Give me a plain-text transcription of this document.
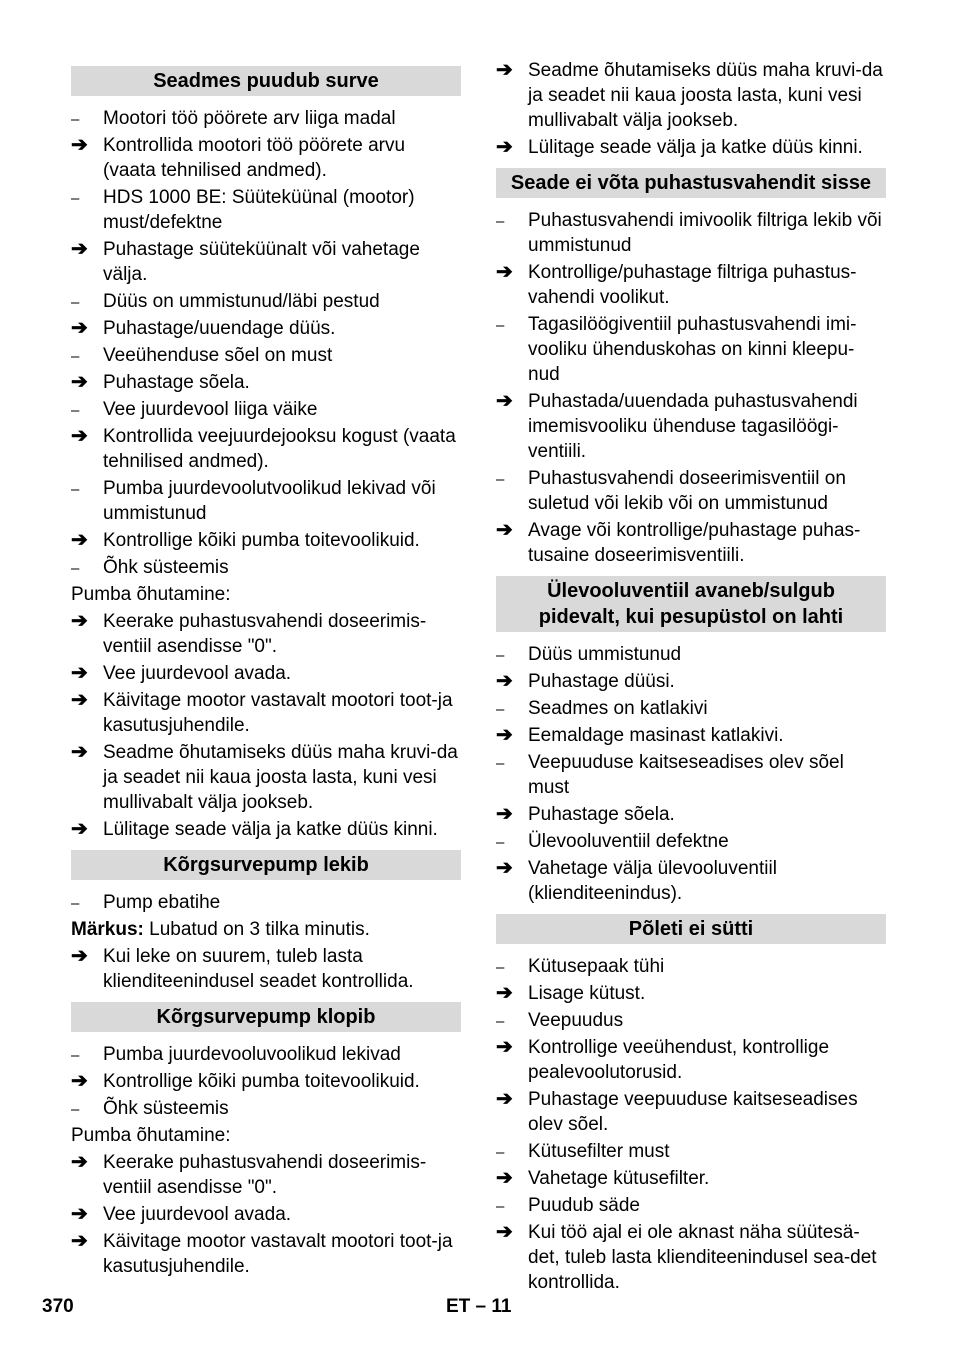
Seadmes puudub surve
–	Mootori töö pöörete arv liiga madal
➔ Kontrollida mootori töö pöörete arvu (vaata tehnilised andmed).
–	HDS 1000 BE: Süüteküünal (mootor) must/defektne
➔ Puhastage süüteküünalt või vahetage välja.
–	Düüs on ummistunud/läbi pestud
➔ Puhastage/uuendage düüs.
–	Veeühenduse sõel on must
➔ Puhastage sõela.
–	Vee juurdevool liiga väike
➔ Kontrollida veejuurdejooksu kogust (vaata tehnilised andmed).
–	Pumba juurdevoolutvoolikud lekivad või ummistunud
➔ Kontrollige kõiki pumba toitevoolikuid.
–	Õhk süsteemis
Pumba õhutamine:
➔ Keerake puhastusvahendi doseerimis-ventiil asendisse "0".
➔ Vee juurdevool avada.
➔ Käivitage mootor vastavalt mootori toot-ja kasutusjuhendile.
➔ Seadme õhutamiseks düüs maha kruvi-da ja seadet nii kaua joosta lasta, kuni vesi mullivabalt välja jookseb.
➔ Lülitage seade välja ja katke düüs kinni.
Kõrgsurvepump lekib
–	Pump ebatihe
Märkus: Lubatud on 3 tilka minutis.
➔ Kui leke on suurem, tuleb lasta klienditeenindusel seadet kontrollida.
Kõrgsurvepump klopib
–	Pumba juurdevooluvoolikud lekivad
➔ Kontrollige kõiki pumba toitevoolikuid.
–	Õhk süsteemis
Pumba õhutamine:
➔ Keerake puhastusvahendi doseerimis-ventiil asendisse "0".
➔ Vee juurdevool avada.
➔ Käivitage mootor vastavalt mootori toot-ja kasutusjuhendile.
➔ Seadme õhutamiseks düüs maha kruvi-da ja seadet nii kaua joosta lasta, kuni vesi mullivabalt välja jookseb.
➔ Lülitage seade välja ja katke düüs kinni.
Seade ei võta puhastusvahendit sisse
–	Puhastusvahendi imivoolik filtriga lekib või ummistunud
➔ Kontrollige/puhastage filtriga puhastus-vahendi voolikut.
–	Tagasilöögiventiil puhastusvahendi imi-vooliku ühenduskohas on kinni kleepu-nud
➔ Puhastada/uuendada puhastusvahendi imemisvooliku ühenduse tagasilöögi-ventiili.
–	Puhastusvahendi doseerimisventiil on suletud või lekib või on ummistunud
➔ Avage või kontrollige/puhastage puhas-tusaine doseerimisventiili.
Ülevooluventiil avaneb/sulgub pidevalt, kui pesupüstol on lahti
–	Düüs ummistunud
➔ Puhastage düüsi.
–	Seadmes on katlakivi
➔ Eemaldage masinast katlakivi.
–	Veepuuduse kaitseseadises olev sõel must
➔ Puhastage sõela.
–	Ülevooluventiil defektne
➔ Vahetage välja ülevooluventiil (klienditeenindus).
Põleti ei sütti
–	Kütusepaak tühi
➔ Lisage kütust.
–	Veepuudus
➔ Kontrollige veeühendust, kontrollige pealevoolutorusid.
➔ Puhastage veepuuduse kaitseseadises olev sõel.
–	Kütusefilter must
➔ Vahetage kütusefilter.
–	Puudub säde
➔ Kui töö ajal ei ole aknast näha süütesä-det, tuleb lasta klienditeenindusel sea-det kontrollida.
370	ET – 11
